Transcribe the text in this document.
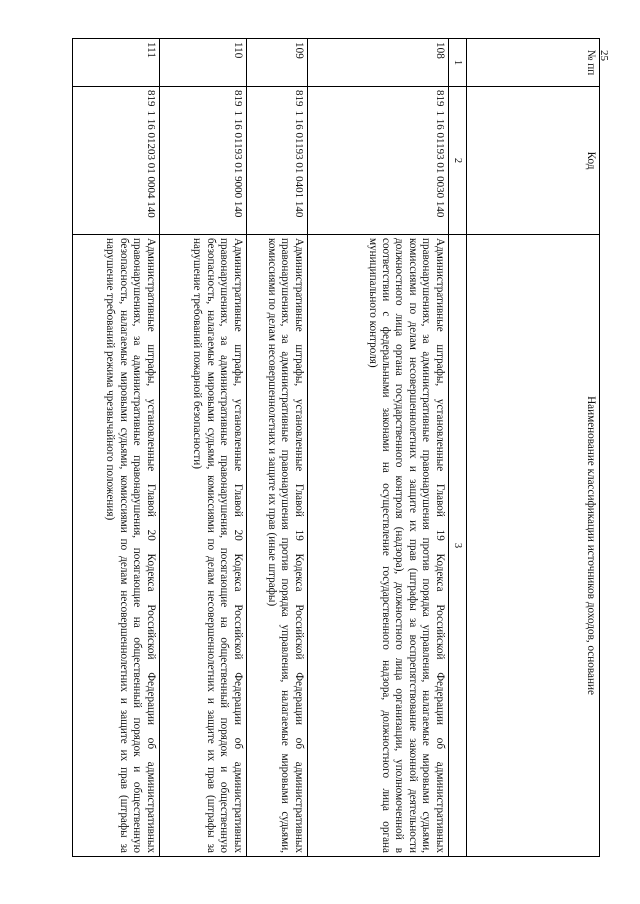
25
№ пп	Код	Наименование классификации источников доходов, основание
1	2	3
108	8191 16 01193 01 0030 140	Административные штрафы, установленные Главой 19 Кодекса Российской Федерации об административных правонарушениях, за административные правонарушения против порядка управления, налагаемые мировыми судьями, комиссиями по делам несовершеннолетних и защите их прав (штрафы за воспрепятствование законной деятельности должностного лица органа государственного контроля (надзора), должностного лица организации, уполномоченной в соответствии с федеральными законами на осуществление государственного надзора, должностного лица органа муниципального контроля)
109	8191 16 01193 01 0401 140	Административные штрафы, установленные Главой 19 Кодекса Российской Федерации об административных правонарушениях, за административные правонарушения против порядка управления, налагаемые мировыми судьями, комиссиями по делам несовершеннолетних и защите их прав (иные штрафы)
110	8191 16 01193 01 9000 140	Административные штрафы, установленные Главой 20 Кодекса Российской Федерации об административных правонарушениях, за административные правонарушения, посягающие на общественный порядок и общественную безопасность, налагаемые мировыми судьями, комиссиями по делам несовершеннолетних и защите их прав (штрафы за нарушение требований пожарной безопасности)
111	8191 16 01203 01 0004 140	Административные штрафы, установленные Главой 20 Кодекса Российской Федерации об административных правонарушениях, за административные правонарушения, посягающие на общественный порядок и общественную безопасность, налагаемые мировыми судьями, комиссиями по делам несовершеннолетних и защите их прав (штрафы за нарушение требований режима чрезвычайного положения)
